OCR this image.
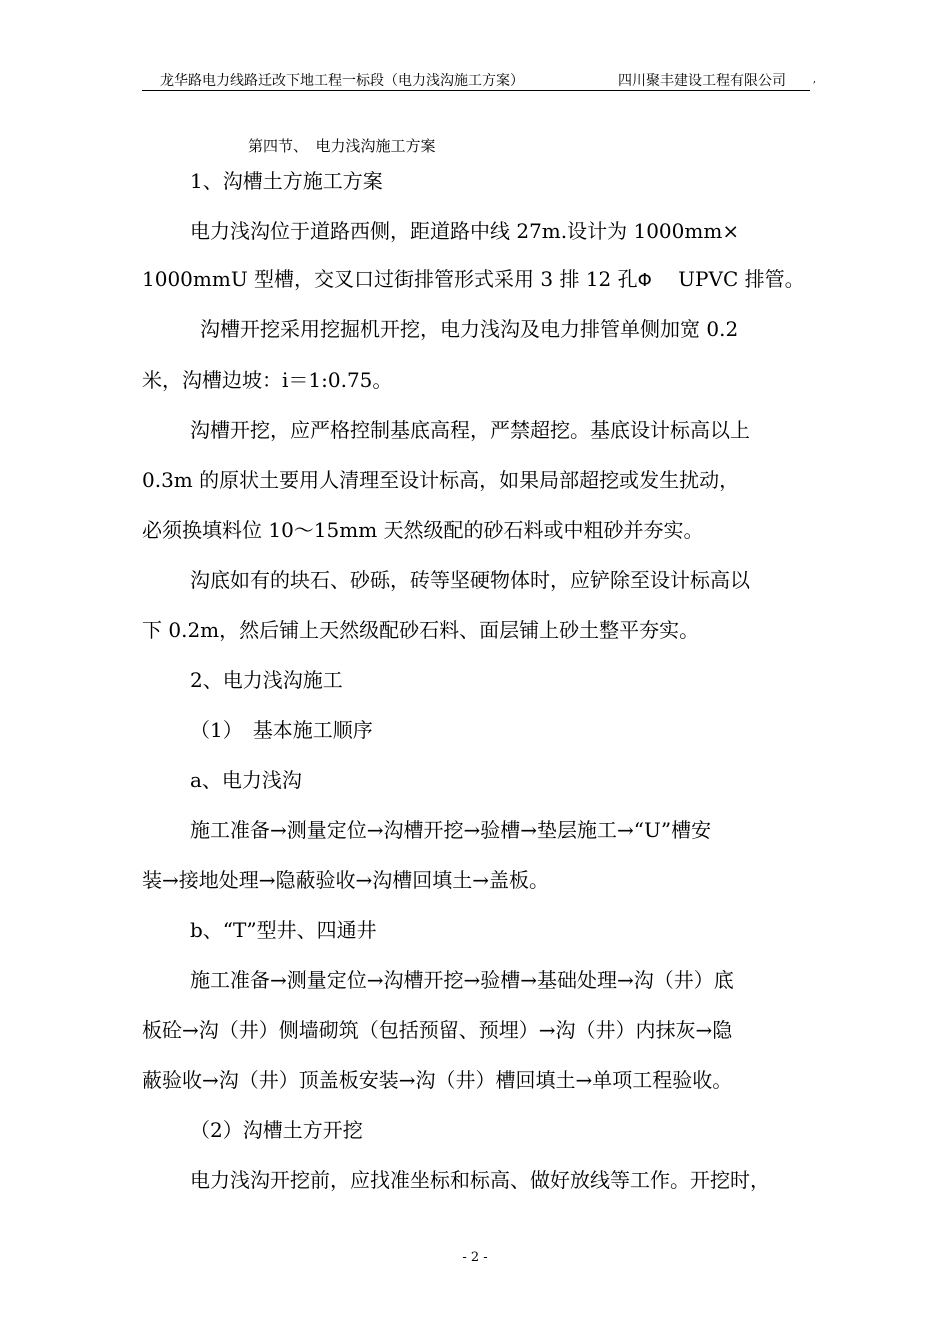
龙华路电力线路迁改下地工程一标段（电力浅沟施工方案）	四川聚丰建设工程有限公司	,
第四节、　电力浅沟施工方案
1、沟槽土方施工方案
电力浅沟位于道路西侧，距道路中线 27m.设计为 1000mm×
1000mmU 型槽，交叉口过街排管形式采用 3 排 12 孔Φ　 UPVC 排管。
沟槽开挖采用挖掘机开挖，电力浅沟及电力排管单侧加宽 0.2
米，沟槽边坡：i＝1:0.75。
沟槽开挖，应严格控制基底高程，严禁超挖。基底设计标高以上
0.3m 的原状土要用人清理至设计标高，如果局部超挖或发生扰动，
必须换填料位 10～15mm 天然级配的砂石料或中粗砂并夯实。
沟底如有的块石、砂砾，砖等坚硬物体时，应铲除至设计标高以
下 0.2m，然后铺上天然级配砂石料、面层铺上砂土整平夯实。
2、电力浅沟施工
（1）　基本施工顺序
a、电力浅沟
施工准备→测量定位→沟槽开挖→验槽→垫层施工→“U”槽安
装→接地处理→隐蔽验收→沟槽回填土→盖板。
b、“T”型井、四通井
施工准备→测量定位→沟槽开挖→验槽→基础处理→沟（井）底
板砼→沟（井）侧墙砌筑（包括预留、预埋）→沟（井）内抹灰→隐
蔽验收→沟（井）顶盖板安装→沟（井）槽回填土→单项工程验收。
（2）沟槽土方开挖
电力浅沟开挖前，应找准坐标和标高、做好放线等工作。开挖时，
- 2 -
